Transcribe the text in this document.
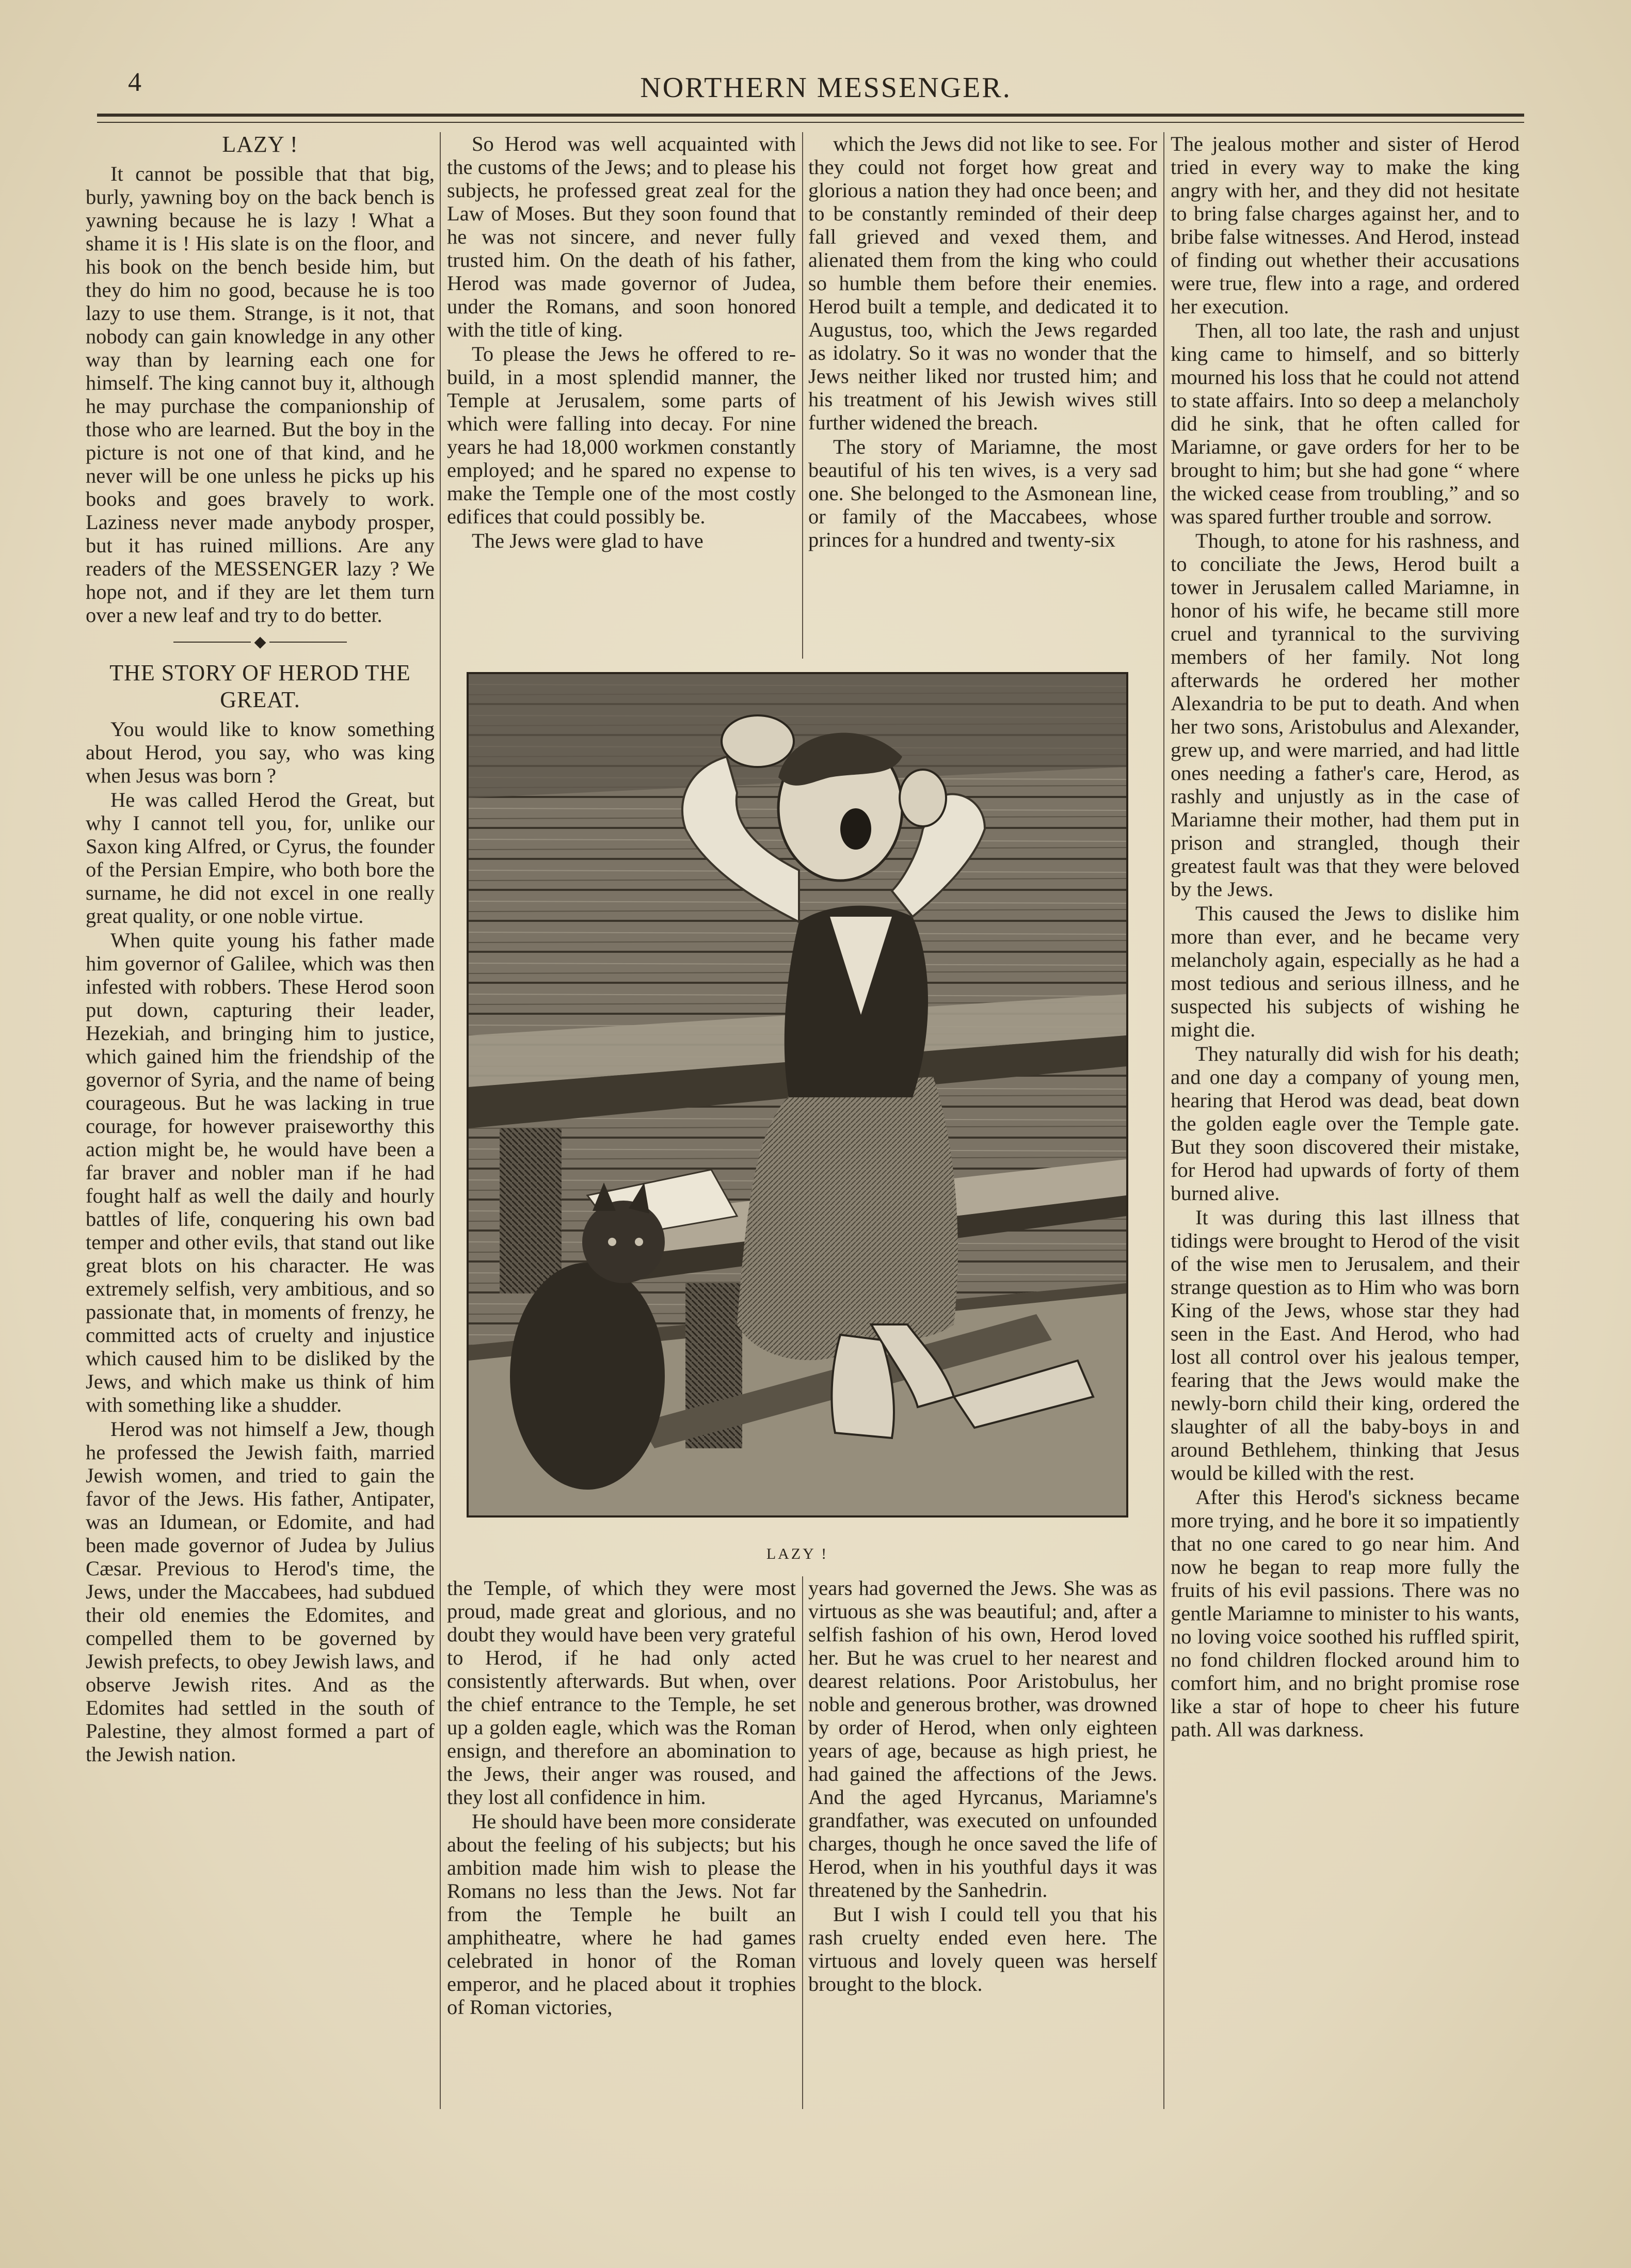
4	NORTHERN MESSENGER.
LAZY !

It cannot be possible that that big, burly, yawning boy on the back bench is yawning because he is lazy ! What a shame it is ! His slate is on the floor, and his book on the bench beside him, but they do him no good, because he is too lazy to use them. Strange, is it not, that nobody can gain knowledge in any other way than by learning each one for himself. The king cannot buy it, although he may purchase the companionship of those who are learned. But the boy in the picture is not one of that kind, and he never will be one unless he picks up his books and goes bravely to work. Laziness never made anybody prosper, but it has ruined millions. Are any readers of the MESSENGER lazy ? We hope not, and if they are let them turn over a new leaf and try to do better.

◆
THE STORY OF HEROD THE GREAT.

You would like to know something about Herod, you say, who was king when Jesus was born ?

He was called Herod the Great, but why I cannot tell you, for, unlike our Saxon king Alfred, or Cyrus, the founder of the Persian Empire, who both bore the surname, he did not excel in one really great quality, or one noble virtue.

When quite young his father made him governor of Galilee, which was then infested with robbers. These Herod soon put down, capturing their leader, Hezekiah, and bringing him to justice, which gained him the friendship of the governor of Syria, and the name of being courageous. But he was lacking in true courage, for however praiseworthy this action might be, he would have been a far braver and nobler man if he had fought half as well the daily and hourly battles of life, conquering his own bad temper and other evils, that stand out like great blots on his character. He was extremely selfish, very ambitious, and so passionate that, in moments of frenzy, he committed acts of cruelty and injustice which caused him to be disliked by the Jews, and which make us think of him with something like a shudder.

Herod was not himself a Jew, though he professed the Jewish faith, married Jewish women, and tried to gain the favor of the Jews. His father, Antipater, was an Idumean, or Edomite, and had been made governor of Judea by Julius Cæsar. Previous to Herod's time, the Jews, under the Maccabees, had subdued their old enemies the Edomites, and compelled them to be governed by Jewish prefects, to obey Jewish laws, and observe Jewish rites. And as the Edomites had settled in the south of Palestine, they almost formed a part of the Jewish nation.

So Herod was well acquainted with the customs of the Jews; and to please his subjects, he professed great zeal for the Law of Moses. But they soon found that he was not sincere, and never fully trusted him. On the death of his father, Herod was made governor of Judea, under the Romans, and soon honored with the title of king.

To please the Jews he offered to re-build, in a most splendid manner, the Temple at Jerusalem, some parts of which were falling into decay. For nine years he had 18,000 workmen constantly employed; and he spared no expense to make the Temple one of the most costly edifices that could possibly be.

The Jews were glad to have

which the Jews did not like to see. For they could not forget how great and glorious a nation they had once been; and to be constantly reminded of their deep fall grieved and vexed them, and alienated them from the king who could so humble them before their enemies. Herod built a temple, and dedicated it to Augustus, too, which the Jews regarded as idolatry. So it was no wonder that the Jews neither liked nor trusted him; and his treatment of his Jewish wives still further widened the breach.

The story of Mariamne, the most beautiful of his ten wives, is a very sad one. She belonged to the Asmonean line, or family of the Maccabees, whose princes for a hundred and twenty-six

LAZY !

the Temple, of which they were most proud, made great and glorious, and no doubt they would have been very grateful to Herod, if he had only acted consistently afterwards. But when, over the chief entrance to the Temple, he set up a golden eagle, which was the Roman ensign, and therefore an abomination to the Jews, their anger was roused, and they lost all confidence in him.

He should have been more considerate about the feeling of his subjects; but his ambition made him wish to please the Romans no less than the Jews. Not far from the Temple he built an amphitheatre, where he had games celebrated in honor of the Roman emperor, and he placed about it trophies of Roman victories,

years had governed the Jews. She was as virtuous as she was beautiful; and, after a selfish fashion of his own, Herod loved her. But he was cruel to her nearest and dearest relations. Poor Aristobulus, her noble and generous brother, was drowned by order of Herod, when only eighteen years of age, because as high priest, he had gained the affections of the Jews. And the aged Hyrcanus, Mariamne's grandfather, was executed on unfounded charges, though he once saved the life of Herod, when in his youthful days it was threatened by the Sanhedrin.

But I wish I could tell you that his rash cruelty ended even here. The virtuous and lovely queen was herself brought to the block.

The jealous mother and sister of Herod tried in every way to make the king angry with her, and they did not hesitate to bring false charges against her, and to bribe false witnesses. And Herod, instead of finding out whether their accusations were true, flew into a rage, and ordered her execution.

Then, all too late, the rash and unjust king came to himself, and so bitterly mourned his loss that he could not attend to state affairs. Into so deep a melancholy did he sink, that he often called for Mariamne, or gave orders for her to be brought to him; but she had gone “ where the wicked cease from troubling,” and so was spared further trouble and sorrow.

Though, to atone for his rashness, and to conciliate the Jews, Herod built a tower in Jerusalem called Mariamne, in honor of his wife, he became still more cruel and tyrannical to the surviving members of her family. Not long afterwards he ordered her mother Alexandria to be put to death. And when her two sons, Aristobulus and Alexander, grew up, and were married, and had little ones needing a father's care, Herod, as rashly and unjustly as in the case of Mariamne their mother, had them put in prison and strangled, though their greatest fault was that they were beloved by the Jews.

This caused the Jews to dislike him more than ever, and he became very melancholy again, especially as he had a most tedious and serious illness, and he suspected his subjects of wishing he might die.

They naturally did wish for his death; and one day a company of young men, hearing that Herod was dead, beat down the golden eagle over the Temple gate. But they soon discovered their mistake, for Herod had upwards of forty of them burned alive.

It was during this last illness that tidings were brought to Herod of the visit of the wise men to Jerusalem, and their strange question as to Him who was born King of the Jews, whose star they had seen in the East. And Herod, who had lost all control over his jealous temper, fearing that the Jews would make the newly-born child their king, ordered the slaughter of all the baby-boys in and around Bethlehem, thinking that Jesus would be killed with the rest.

After this Herod's sickness became more trying, and he bore it so impatiently that no one cared to go near him. And now he began to reap more fully the fruits of his evil passions. There was no gentle Mariamne to minister to his wants, no loving voice soothed his ruffled spirit, no fond children flocked around him to comfort him, and no bright promise rose like a star of hope to cheer his future path. All was darkness.
